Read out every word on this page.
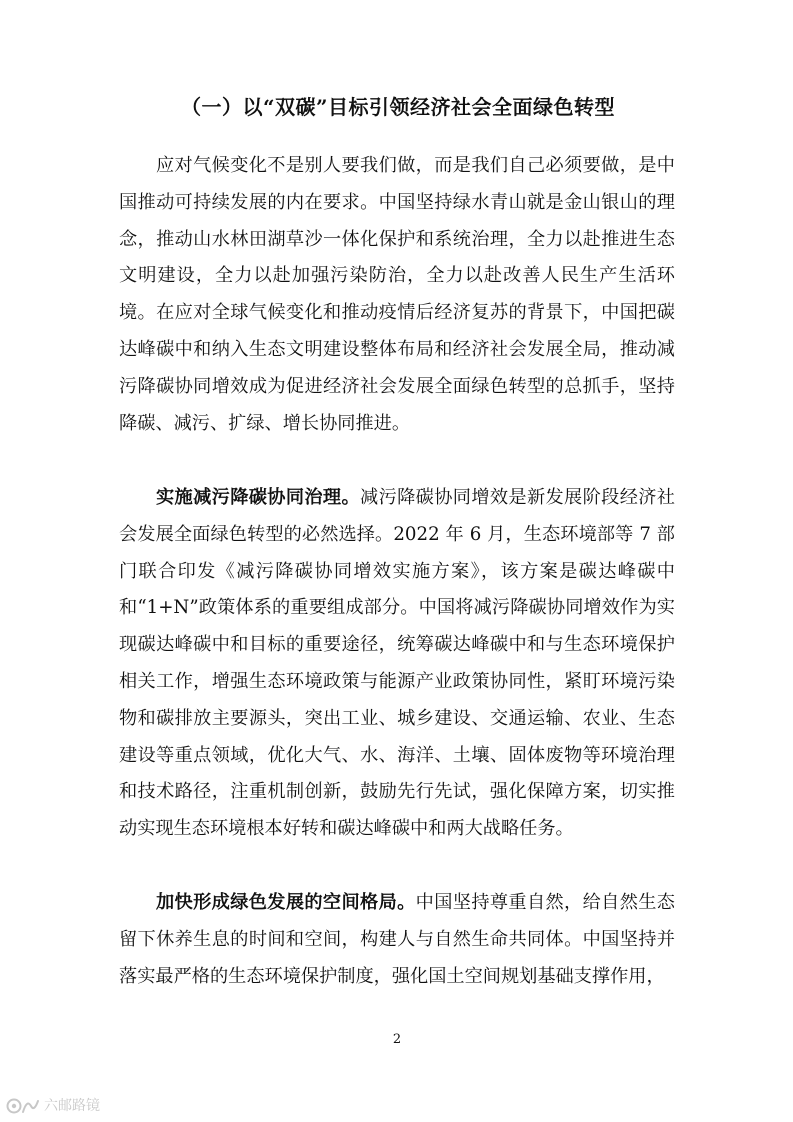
（一）以“双碳”目标引领经济社会全面绿色转型

应对气候变化不是别人要我们做，而是我们自己必须要做，是中国推动可持续发展的内在要求。中国坚持绿水青山就是金山银山的理念，推动山水林田湖草沙一体化保护和系统治理，全力以赴推进生态文明建设，全力以赴加强污染防治，全力以赴改善人民生产生活环境。在应对全球气候变化和推动疫情后经济复苏的背景下，中国把碳达峰碳中和纳入生态文明建设整体布局和经济社会发展全局，推动减污降碳协同增效成为促进经济社会发展全面绿色转型的总抓手，坚持降碳、减污、扩绿、增长协同推进。

实施减污降碳协同治理。减污降碳协同增效是新发展阶段经济社会发展全面绿色转型的必然选择。2022 年 6 月，生态环境部等 7 部门联合印发《减污降碳协同增效实施方案》，该方案是碳达峰碳中和“1+N”政策体系的重要组成部分。中国将减污降碳协同增效作为实现碳达峰碳中和目标的重要途径，统筹碳达峰碳中和与生态环境保护相关工作，增强生态环境政策与能源产业政策协同性，紧盯环境污染物和碳排放主要源头，突出工业、城乡建设、交通运输、农业、生态建设等重点领域，优化大气、水、海洋、土壤、固体废物等环境治理和技术路径，注重机制创新，鼓励先行先试，强化保障方案，切实推动实现生态环境根本好转和碳达峰碳中和两大战略任务。

加快形成绿色发展的空间格局。中国坚持尊重自然，给自然生态留下休养生息的时间和空间，构建人与自然生命共同体。中国坚持并落实最严格的生态环境保护制度，强化国土空间规划基础支撑作用，

2
六邮路镜
